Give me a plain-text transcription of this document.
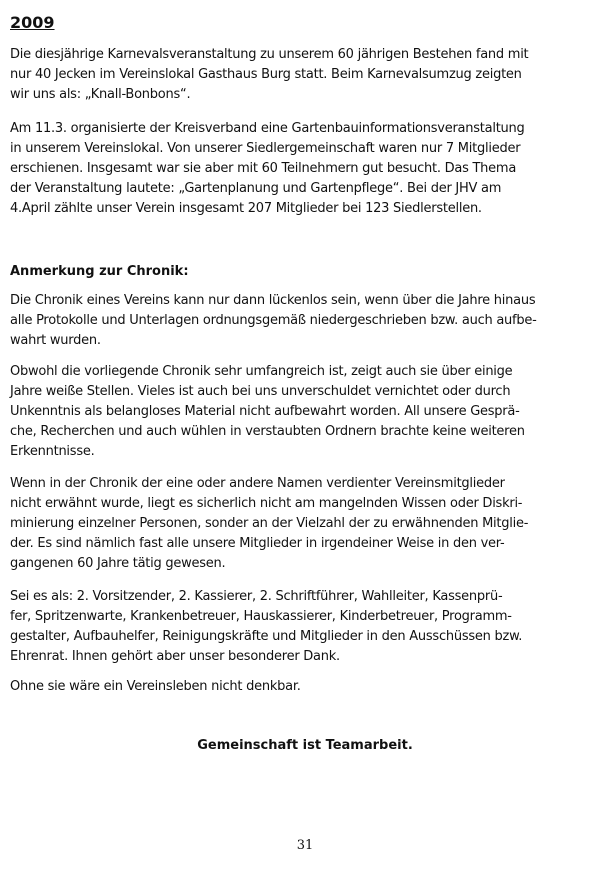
2009

Die diesjährige Karnevalsveranstaltung zu unserem 60 jährigen Bestehen fand mit
nur 40 Jecken im Vereinslokal Gasthaus Burg statt. Beim Karnevalsumzug zeigten
wir uns als: „Knall-Bonbons“.

Am 11.3. organisierte der Kreisverband eine Gartenbauinformationsveranstaltung
in unserem Vereinslokal. Von unserer Siedlergemeinschaft waren nur 7 Mitglieder
erschienen. Insgesamt war sie aber mit 60 Teilnehmern gut besucht. Das Thema
der Veranstaltung lautete: „Gartenplanung und Gartenpflege“. Bei der JHV am
4.April zählte unser Verein insgesamt 207 Mitglieder bei 123 Siedlerstellen.

Anmerkung zur Chronik:

Die Chronik eines Vereins kann nur dann lückenlos sein, wenn über die Jahre hinaus
alle Protokolle und Unterlagen ordnungsgemäß niedergeschrieben bzw. auch aufbe-
wahrt wurden.

Obwohl die vorliegende Chronik sehr umfangreich ist, zeigt auch sie über einige
Jahre weiße Stellen. Vieles ist auch bei uns unverschuldet vernichtet oder durch
Unkenntnis als belangloses Material nicht aufbewahrt worden. All unsere Gesprä-
che, Recherchen und auch wühlen in verstaubten Ordnern brachte keine weiteren
Erkenntnisse.

Wenn in der Chronik der eine oder andere Namen verdienter Vereinsmitglieder
nicht erwähnt wurde, liegt es sicherlich nicht am mangelnden Wissen oder Diskri-
minierung einzelner Personen, sonder an der Vielzahl der zu erwähnenden Mitglie-
der. Es sind nämlich fast alle unsere Mitglieder in irgendeiner Weise in den ver-
gangenen 60 Jahre tätig gewesen.

Sei es als: 2. Vorsitzender, 2. Kassierer, 2. Schriftführer, Wahlleiter, Kassenprü-
fer, Spritzenwarte, Krankenbetreuer, Hauskassierer, Kinderbetreuer, Programm-
gestalter, Aufbauhelfer, Reinigungskräfte und Mitglieder in den Ausschüssen bzw.
Ehrenrat. Ihnen gehört aber unser besonderer Dank.

Ohne sie wäre ein Vereinsleben nicht denkbar.

Gemeinschaft ist Teamarbeit.

31
